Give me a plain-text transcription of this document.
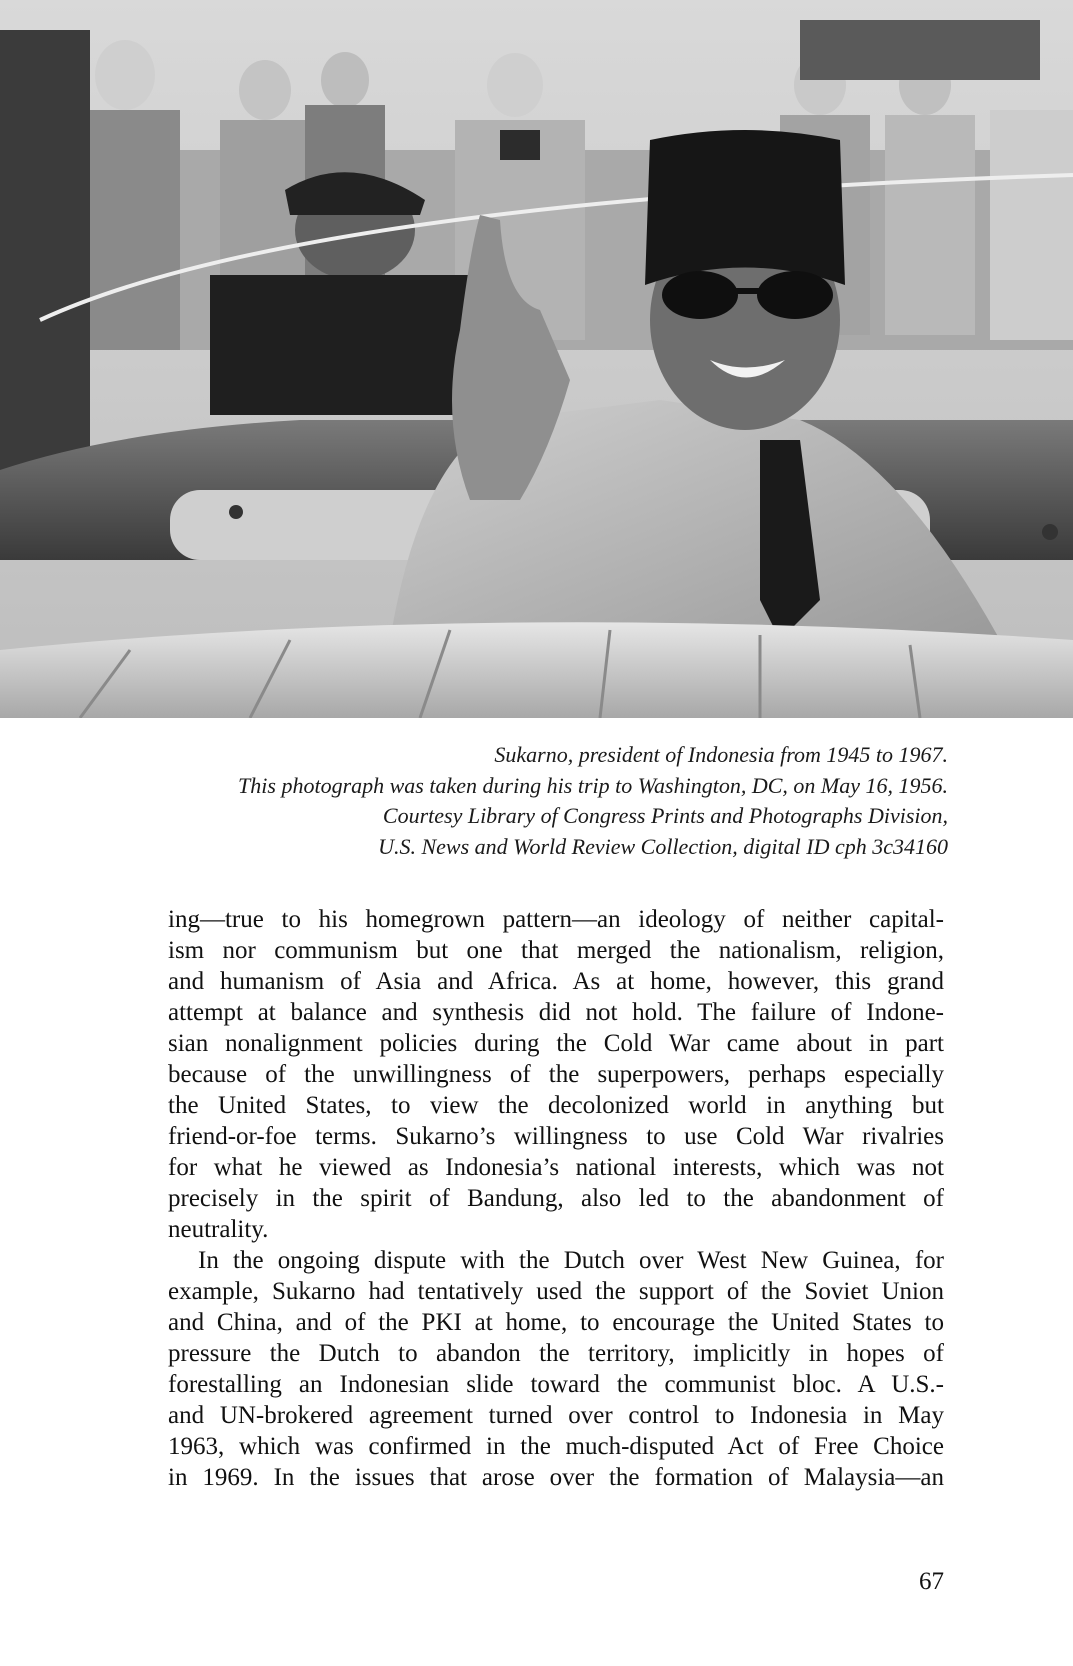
Sukarno, president of Indonesia from 1945 to 1967.
This photograph was taken during his trip to Washington, DC, on May 16, 1956.
Courtesy Library of Congress Prints and Photographs Division,
U.S. News and World Review Collection, digital ID cph 3c34160

ing—true to his homegrown pattern—an ideology of neither capital-
ism nor communism but one that merged the nationalism, religion,
and humanism of Asia and Africa. As at home, however, this grand
attempt at balance and synthesis did not hold. The failure of Indone-
sian nonalignment policies during the Cold War came about in part
because of the unwillingness of the superpowers, perhaps especially
the United States, to view the decolonized world in anything but
friend-or-foe terms. Sukarno’s willingness to use Cold War rivalries
for what he viewed as Indonesia’s national interests, which was not
precisely in the spirit of Bandung, also led to the abandonment of
neutrality.

In the ongoing dispute with the Dutch over West New Guinea, for
example, Sukarno had tentatively used the support of the Soviet Union
and China, and of the PKI at home, to encourage the United States to
pressure the Dutch to abandon the territory, implicitly in hopes of
forestalling an Indonesian slide toward the communist bloc. A U.S.-
and UN-brokered agreement turned over control to Indonesia in May
1963, which was confirmed in the much-disputed Act of Free Choice
in 1969. In the issues that arose over the formation of Malaysia—an

67
